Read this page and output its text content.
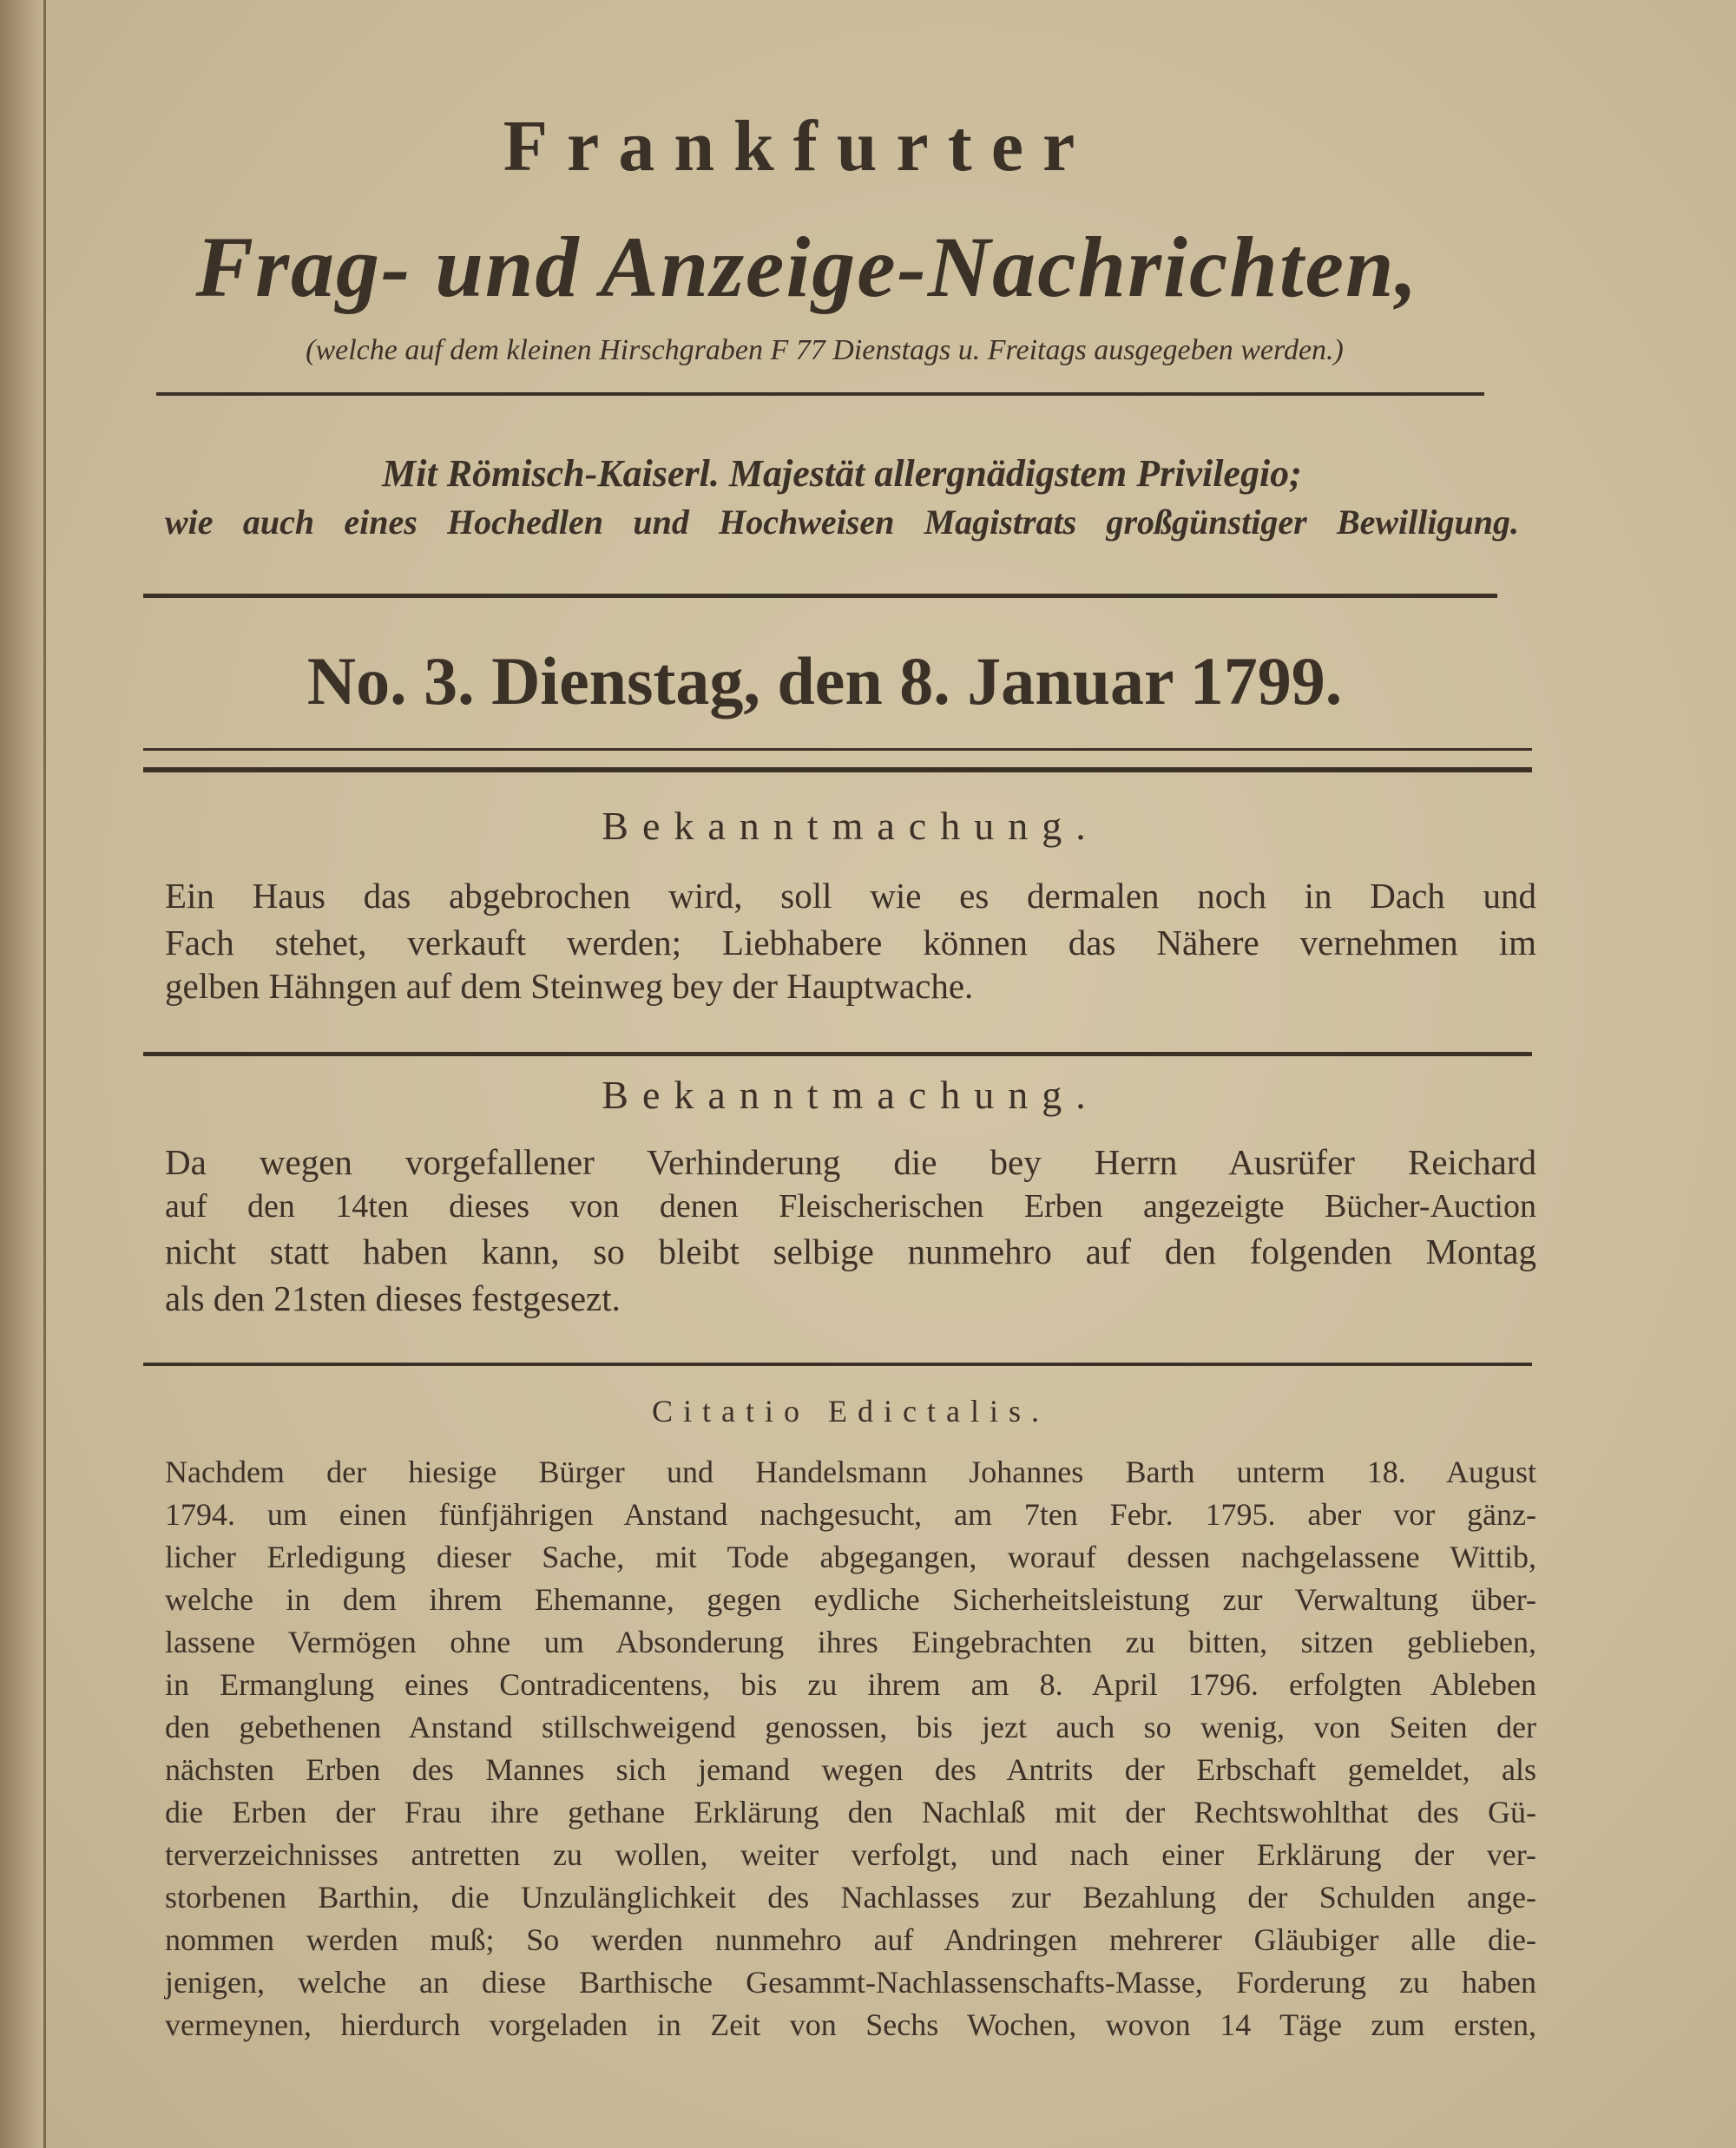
Frankfurter
Frag- und Anzeige-Nachrichten,
(welche auf dem kleinen Hirschgraben F 77 Dienstags u. Freitags ausgegeben werden.)
Mit Römisch-Kaiserl. Majestät allergnädigstem Privilegio;
wie auch eines Hochedlen und Hochweisen Magistrats großgünstiger Bewilligung.
No. 3. Dienstag, den 8. Januar 1799.
Bekanntmachung.
Ein Haus das abgebrochen wird, soll wie es dermalen noch in Dach und
Fach stehet, verkauft werden; Liebhabere können das Nähere vernehmen im
gelben Hähngen auf dem Steinweg bey der Hauptwache.
Bekanntmachung.
Da wegen vorgefallener Verhinderung die bey Herrn Ausrüfer Reichard
auf den 14ten dieses von denen Fleischerischen Erben angezeigte Bücher-Auction
nicht statt haben kann, so bleibt selbige nunmehro auf den folgenden Montag
als den 21sten dieses festgesezt.
Citatio Edictalis.
Nachdem der hiesige Bürger und Handelsmann Johannes Barth unterm 18. August
1794. um einen fünfjährigen Anstand nachgesucht, am 7ten Febr. 1795. aber vor gänz-
licher Erledigung dieser Sache, mit Tode abgegangen, worauf dessen nachgelassene Wittib,
welche in dem ihrem Ehemanne, gegen eydliche Sicherheitsleistung zur Verwaltung über-
lassene Vermögen ohne um Absonderung ihres Eingebrachten zu bitten, sitzen geblieben,
in Ermanglung eines Contradicentens, bis zu ihrem am 8. April 1796. erfolgten Ableben
den gebethenen Anstand stillschweigend genossen, bis jezt auch so wenig, von Seiten der
nächsten Erben des Mannes sich jemand wegen des Antrits der Erbschaft gemeldet, als
die Erben der Frau ihre gethane Erklärung den Nachlaß mit der Rechtswohlthat des Gü-
terverzeichnisses antretten zu wollen, weiter verfolgt, und nach einer Erklärung der ver-
storbenen Barthin, die Unzulänglichkeit des Nachlasses zur Bezahlung der Schulden ange-
nommen werden muß; So werden nunmehro auf Andringen mehrerer Gläubiger alle die-
jenigen, welche an diese Barthische Gesammt-Nachlassenschafts-Masse, Forderung zu haben
vermeynen, hierdurch vorgeladen in Zeit von Sechs Wochen, wovon 14 Täge zum ersten,
